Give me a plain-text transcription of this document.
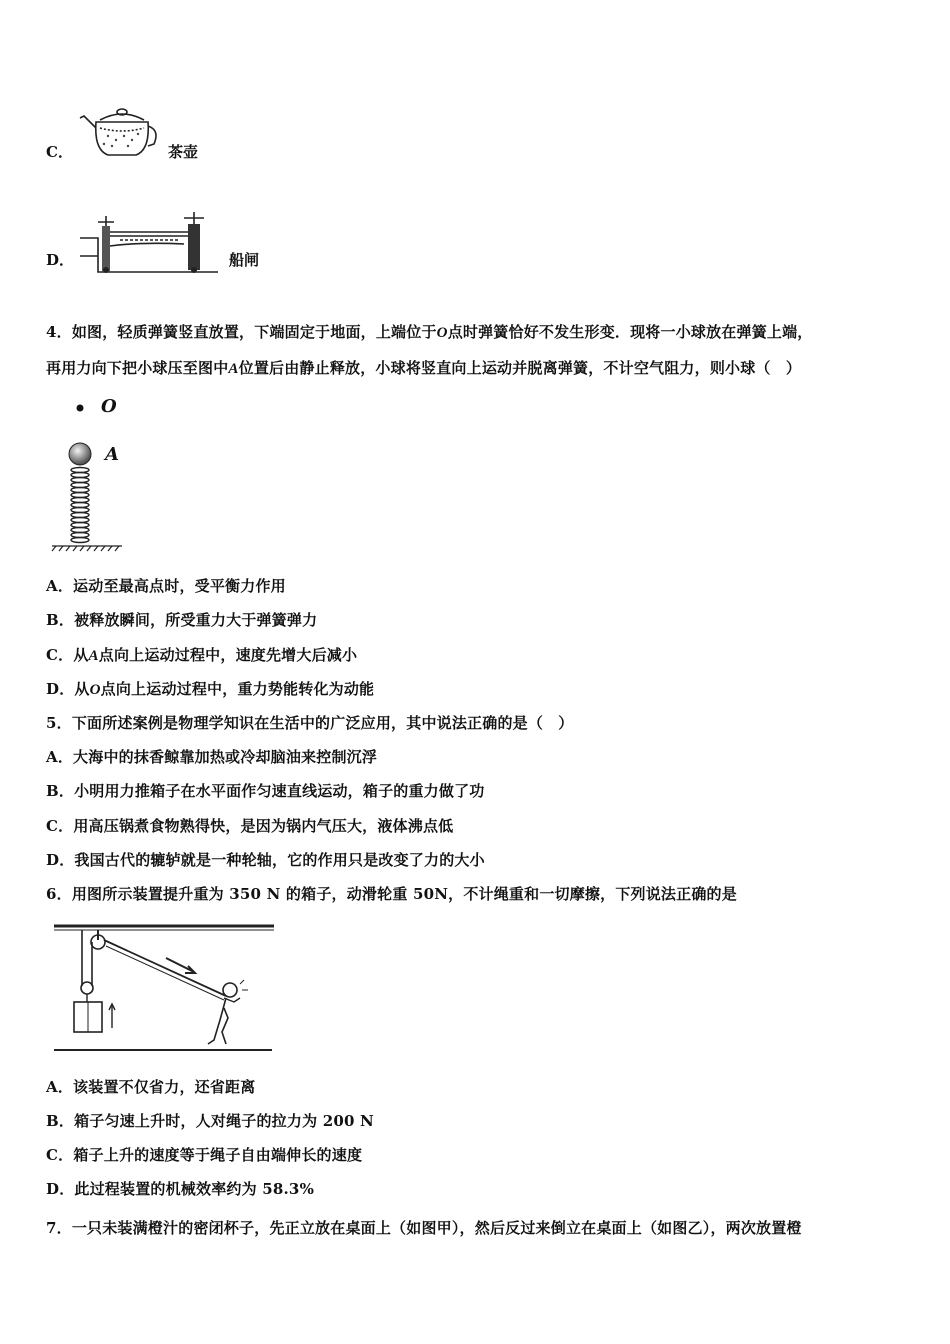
C．	茶壶
D．	船闸
4．如图，轻质弹簧竖直放置，下端固定于地面，上端位于O点时弹簧恰好不发生形变．现将一小球放在弹簧上端，
再用力向下把小球压至图中A位置后由静止释放，小球将竖直向上运动并脱离弹簧，不计空气阻力，则小球（　）
O
A
A．运动至最高点时，受平衡力作用
B．被释放瞬间，所受重力大于弹簧弹力
C．从A点向上运动过程中，速度先增大后减小
D．从O点向上运动过程中，重力势能转化为动能
5．下面所述案例是物理学知识在生活中的广泛应用，其中说法正确的是（　）
A．大海中的抹香鲸靠加热或冷却脑油来控制沉浮
B．小明用力推箱子在水平面作匀速直线运动，箱子的重力做了功
C．用高压锅煮食物熟得快，是因为锅内气压大，液体沸点低
D．我国古代的辘轳就是一种轮轴，它的作用只是改变了力的大小
6．用图所示装置提升重为 350 N 的箱子，动滑轮重 50N，不计绳重和一切摩擦，下列说法正确的是
A．该装置不仅省力，还省距离
B．箱子匀速上升时，人对绳子的拉力为 200 N
C．箱子上升的速度等于绳子自由端伸长的速度
D．此过程装置的机械效率约为 58.3%
7．一只未装满橙汁的密闭杯子，先正立放在桌面上（如图甲），然后反过来倒立在桌面上（如图乙），两次放置橙
